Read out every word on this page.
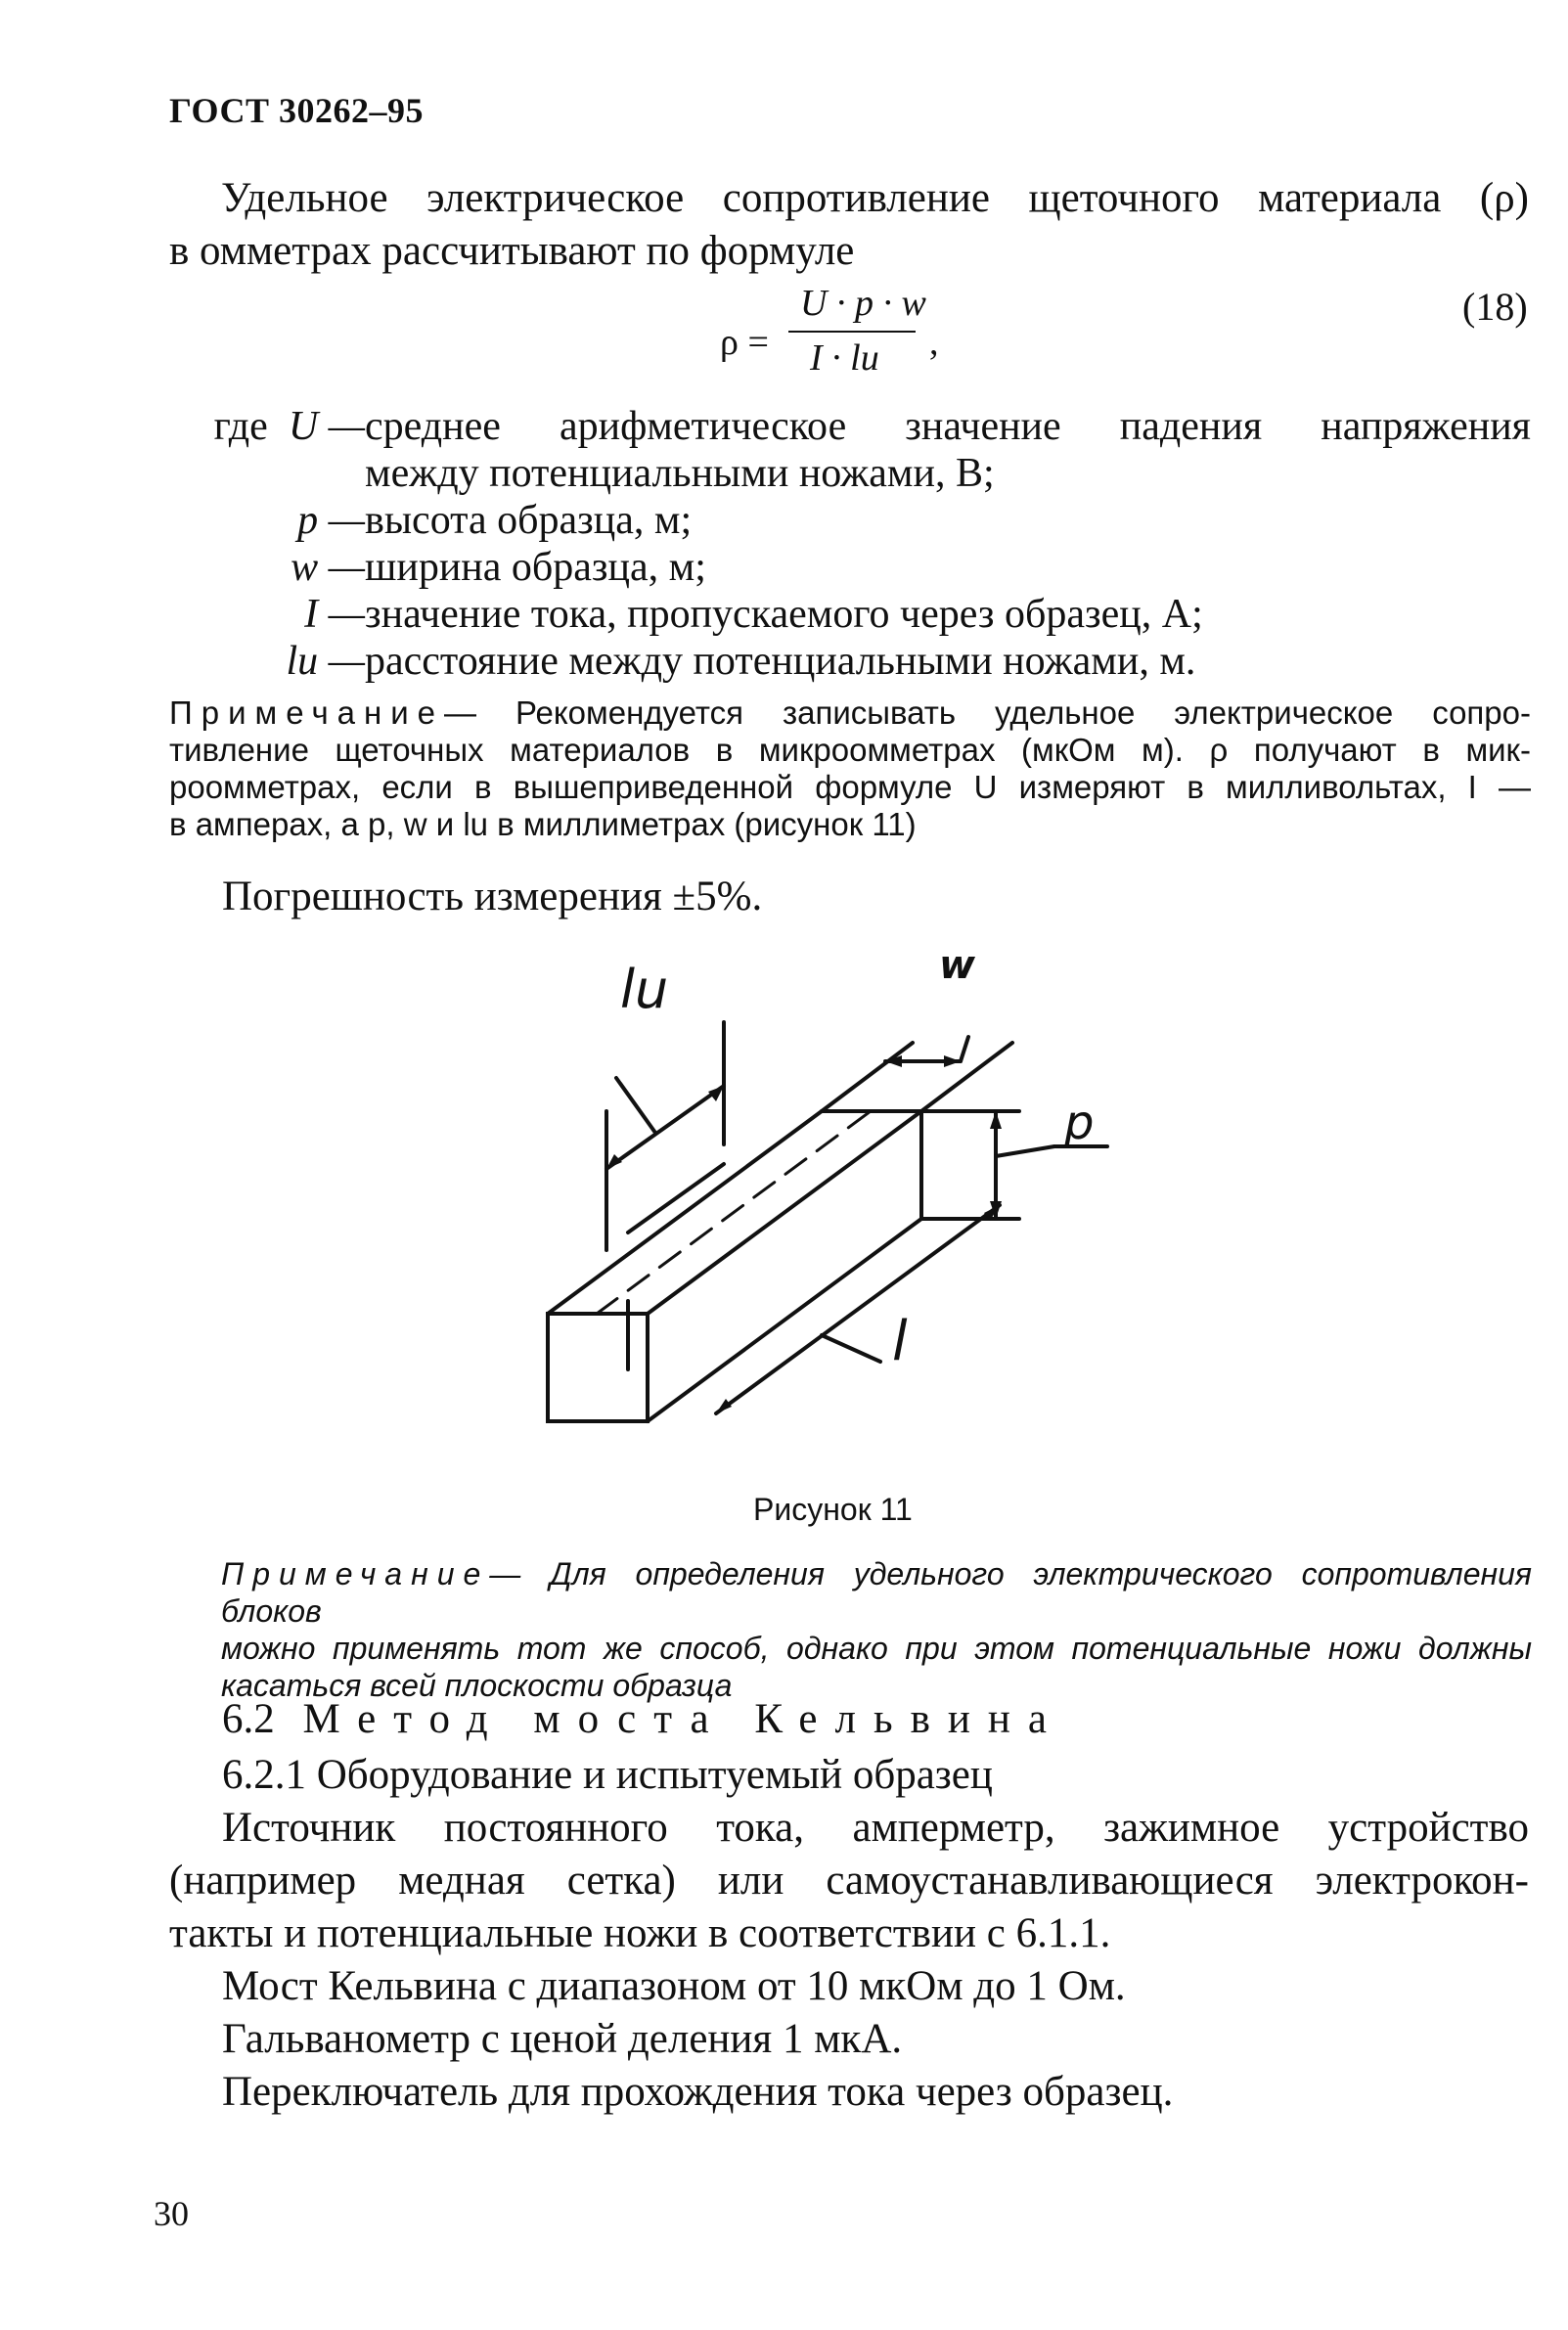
ГОСТ 30262–95
Удельное электрическое сопротивление щеточного материала (ρ)
в омметрах рассчитывают по формуле
ρ =
U · p · w
I · lu ,
(18)
где U — среднее арифметическое значение падения напряжения
между потенциальными ножами, В;
p — высота образца, м;
w — ширина образца, м;
I — значение тока, пропускаемого через образец, А;
lu — расстояние между потенциальными ножами, м.
Примечание— Рекомендуется записывать удельное электрическое сопро-
тивление щеточных материалов в микроомметрах (мкОм м). ρ получают в мик-
роомметрах, если в вышеприведенной формуле U измеряют в милливольтах, I —
в амперах, а p, w и lu в миллиметрах (рисунок 11)
Погрешность измерения ±5%.
lu	w
p
l
Рисунок 11
Примечание— Для определения удельного электрического сопротивления блоков
можно применять тот же способ, однако при этом потенциальные ножи должны
касаться всей плоскости образца
6.2 Метод моста Кельвина
6.2.1 Оборудование и испытуемый образец
Источник постоянного тока, амперметр, зажимное устройство
(например медная сетка) или самоустанавливающиеся электрокон-
такты и потенциальные ножи в соответствии с 6.1.1.
Мост Кельвина с диапазоном от 10 мкОм до 1 Ом.
Гальванометр с ценой деления 1 мкА.
Переключатель для прохождения тока через образец.
30
